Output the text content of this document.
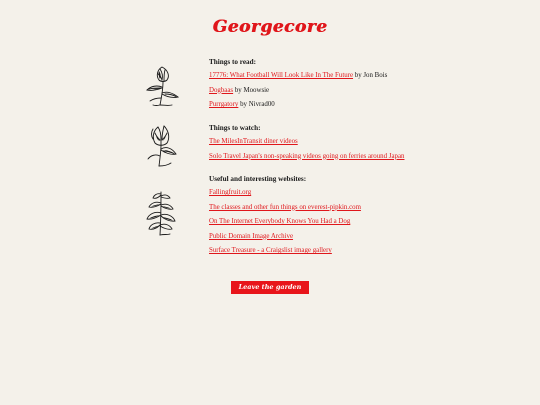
Georgecore
Things to read:
17776: What Football Will Look Like In The Future by Jon Bois
Dogbaas by Moowsie
Purrgatory by Nivrad00
Things to watch:
The MilesInTransit diner videos
Solo Travel Japan's non-speaking videos going on ferries around Japan
Useful and interesting websites:
Fallingfruit.org
The classes and other fun things on everest-pipkin.com
On The Internet Everybody Knows You Had a Dog
Public Domain Image Archive
Surface Treasure - a Craigslist image gallery
Leave the garden
